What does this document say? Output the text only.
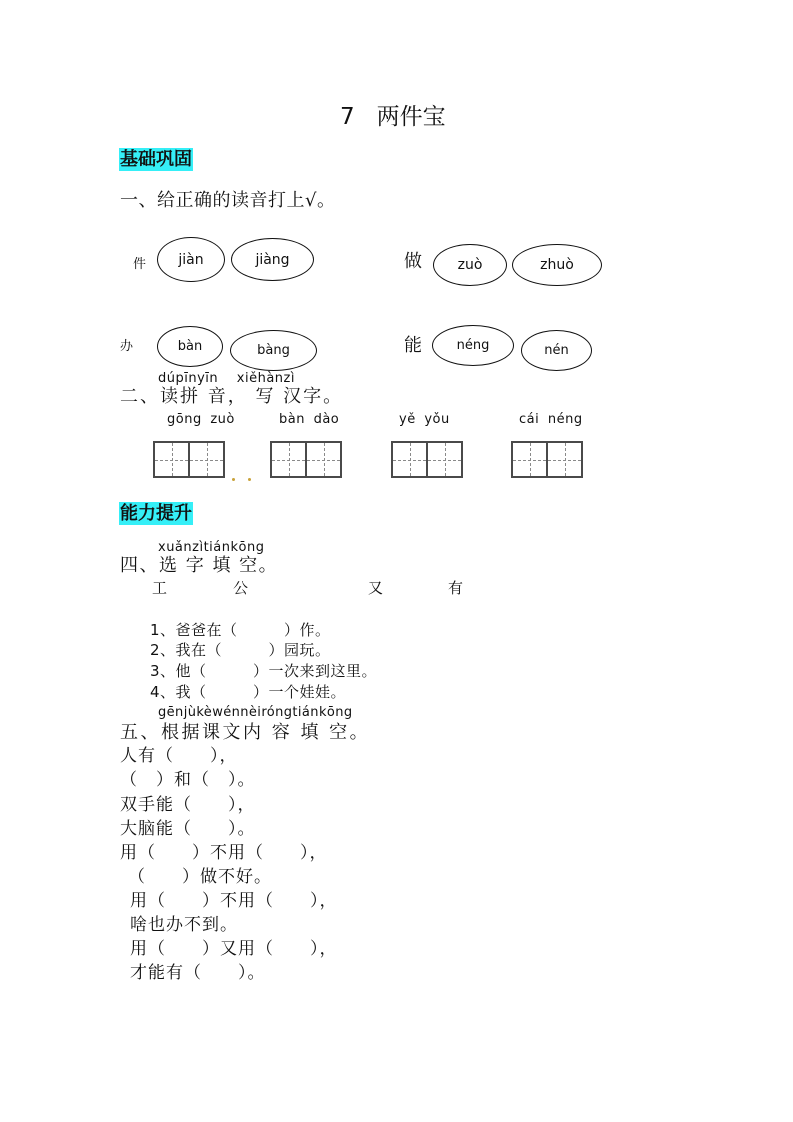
7 两件宝
基础巩固
一、给正确的读音打上√。
件 jiàn	jiàng	做	zuò	zhuò
办	bàn	bàng	能	néng	nén
dúpīnyīn xiěhànzì
二、读拼 音， 写 汉字。
gōng zuò	bàn dào	yě yǒu	cái néng
能力提升
xuǎnzìtiánkōng
四、选 字 填 空。
工	公	又	有
1、爸爸在（　　　）作。
2、我在（　　　）园玩。
3、他（　　　）一次来到这里。
4、我（　　　）一个娃娃。
gēnjùkèwénnèiróngtiánkōng
五、根据课文内 容 填 空。
人有（　　），
（　）和（　）。
双手能（　　），
大脑能（　　）。
用（　　）不用（　　），
（　　）做不好。
用（　　）不用（　　），
啥也办不到。
用（　　）又用（　　），
才能有（　　）。
